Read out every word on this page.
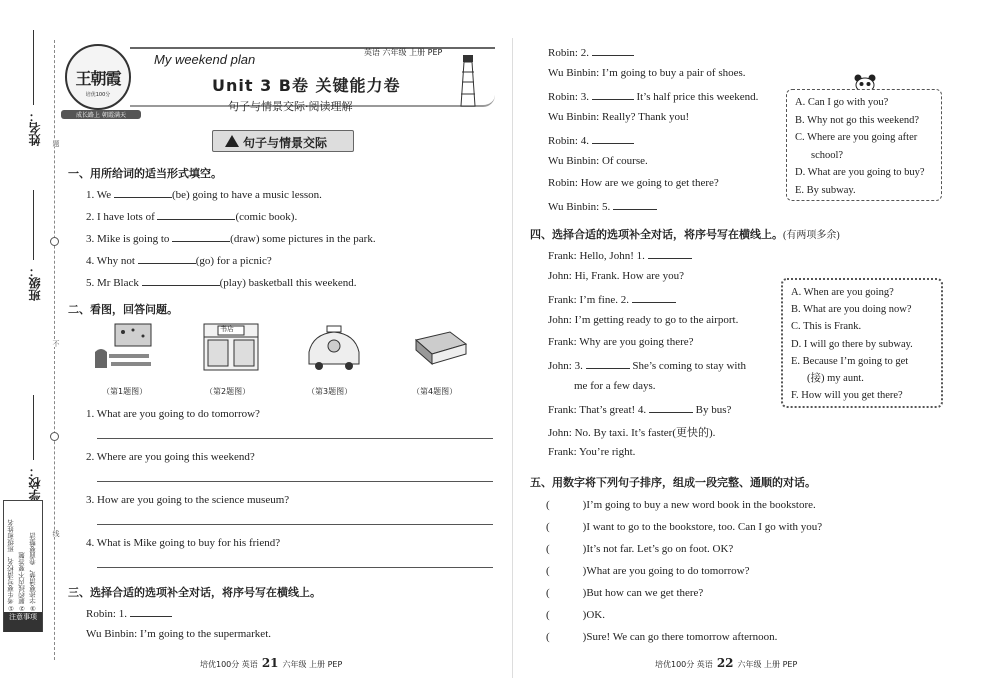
姓名：
班级：
学校：
题
不
线
①考生要写清校名、班级和姓名 ②题约线内不要答题 ③字迹要清楚、卷面要整洁
注意事项
王朝霞
培优100分
成长路上 朝霞满天
My weekend plan	英语 六年级 上册 PEP
Unit 3 B卷 关键能力卷
句子与情景交际·阅读理解
句子与情景交际
一、用所给词的适当形式填空。
1. We	(be) going to have a music lesson.
2. I have lots of	(comic book).
3. Mike is going to	(draw) some pictures in the park.
4. Why not	(go) for a picnic?
5. Mr Black	(play) basketball this weekend.
二、看图，回答问题。
书店
（第1题图）	（第2题图）	（第3题图）	（第4题图）
1. What are you going to do tomorrow?
2. Where are you going this weekend?
3. How are you going to the science museum?
4. What is Mike going to buy for his friend?
三、选择合适的选项补全对话，将序号写在横线上。
Robin: 1.
Wu Binbin: I’m going to the supermarket.
培优100分 英语 21 六年级 上册 PEP
Robin: 2.
Wu Binbin: I’m going to buy a pair of shoes.
Robin: 3.	It’s half price this weekend.
Wu Binbin: Really? Thank you!
Robin: 4.
Wu Binbin: Of course.
Robin: How are we going to get there?
Wu Binbin: 5.
A. Can I go with you?
B. Why not go this weekend?
C. Where are you going after
school?
D. What are you going to buy?
E. By subway.
四、选择合适的选项补全对话，将序号写在横线上。(有两项多余)
Frank: Hello, John! 1.
John: Hi, Frank. How are you?
Frank: I’m fine. 2.
John: I’m getting ready to go to the airport.
Frank: Why are you going there?
John: 3.	She’s coming to stay with
me for a few days.
Frank: That’s great! 4.	By bus?
John: No. By taxi. It’s faster(更快的).
Frank: You’re right.
A. When are you going?
B. What are you doing now?
C. This is Frank.
D. I will go there by subway.
E. Because I’m going to get
(接) my aunt.
F. How will you get there?
五、用数字将下列句子排序，组成一段完整、通顺的对话。
(　　　)I’m going to buy a new word book in the bookstore.
(　　　)I want to go to the bookstore, too. Can I go with you?
(　　　)It’s not far. Let’s go on foot. OK?
(　　　)What are you going to do tomorrow?
(　　　)But how can we get there?
(　　　)OK.
(　　　)Sure! We can go there tomorrow afternoon.
培优100分 英语 22 六年级 上册 PEP
